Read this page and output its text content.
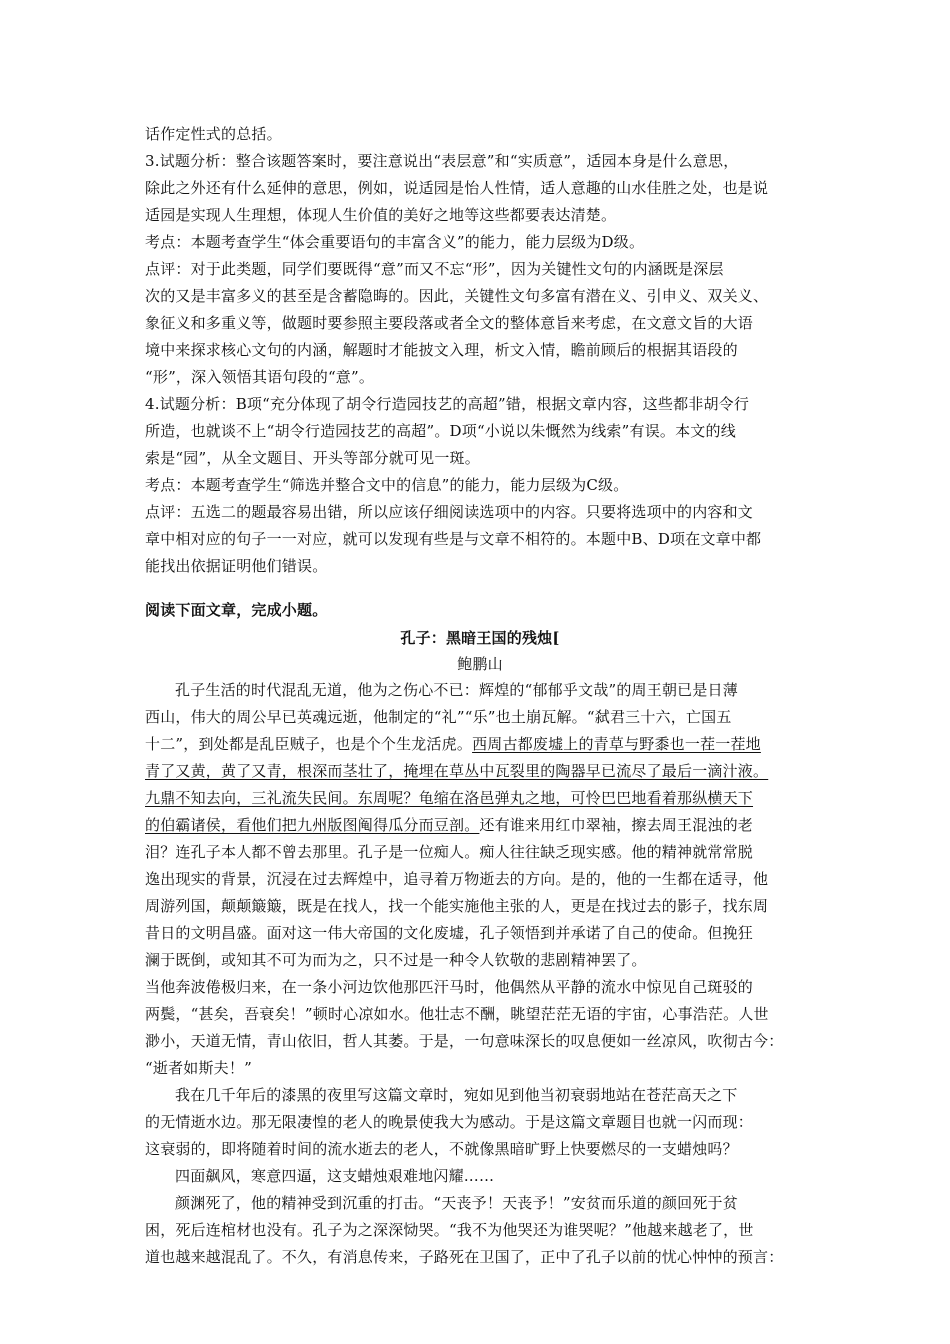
话作定性式的总括。
3.试题分析：整合该题答案时，要注意说出“表层意”和“实质意”，适园本身是什么意思，
除此之外还有什么延伸的意思，例如，说适园是怡人性情，适人意趣的山水佳胜之处，也是说
适园是实现人生理想，体现人生价值的美好之地等这些都要表达清楚。
考点：本题考查学生“体会重要语句的丰富含义”的能力，能力层级为D级。
点评：对于此类题，同学们要既得“意”而又不忘“形”，因为关键性文句的内涵既是深层
次的又是丰富多义的甚至是含蓄隐晦的。因此，关键性文句多富有潜在义、引申义、双关义、
象征义和多重义等，做题时要参照主要段落或者全文的整体意旨来考虑，在文意文旨的大语
境中来探求核心文句的内涵，解题时才能披文入理，析文入情，瞻前顾后的根据其语段的
“形”，深入领悟其语句段的“意”。
4.试题分析：B项“充分体现了胡令行造园技艺的高超”错，根据文章内容，这些都非胡令行
所造，也就谈不上“胡令行造园技艺的高超”。D项“小说以朱慨然为线索”有误。本文的线
索是“园”，从全文题目、开头等部分就可见一斑。
考点：本题考查学生“筛选并整合文中的信息”的能力，能力层级为C级。
点评：五选二的题最容易出错，所以应该仔细阅读选项中的内容。只要将选项中的内容和文
章中相对应的句子一一对应，就可以发现有些是与文章不相符的。本题中B、D项在文章中都
能找出依据证明他们错误。
阅读下面文章，完成小题。
孔子：黑暗王国的残烛[
鲍鹏山
孔子生活的时代混乱无道，他为之伤心不已：辉煌的“郁郁乎文哉”的周王朝已是日薄
西山，伟大的周公早已英魂远逝，他制定的“礼”“乐”也土崩瓦解。“弑君三十六，亡国五
十二”，到处都是乱臣贼子，也是个个生龙活虎。西周古都废墟上的青草与野黍也一茬一茬地
青了又黄，黄了又青，根深而茎壮了，掩埋在草丛中瓦裂里的陶器早已流尽了最后一滴汁液。
九鼎不知去向，三礼流失民间。东周呢？龟缩在洛邑弹丸之地，可怜巴巴地看着那纵横天下
的伯霸诸侯，看他们把九州版图阄得瓜分而豆剖。还有谁来用红巾翠袖，擦去周王混浊的老
泪？连孔子本人都不曾去那里。孔子是一位痴人。痴人往往缺乏现实感。他的精神就常常脱
逸出现实的背景，沉浸在过去辉煌中，追寻着万物逝去的方向。是的，他的一生都在适寻，他
周游列国，颠颠簸簸，既是在找人，找一个能实施他主张的人，更是在找过去的影子，找东周
昔日的文明昌盛。面对这一伟大帝国的文化废墟，孔子领悟到并承诺了自己的使命。但挽狂
澜于既倒，或知其不可为而为之，只不过是一种令人钦敬的悲剧精神罢了。
当他奔波倦极归来，在一条小河边饮他那匹汗马时，他偶然从平静的流水中惊见自己斑驳的
两鬓，“甚矣，吾衰矣！”顿时心凉如水。他壮志不酬，眺望茫茫无语的宇宙，心事浩茫。人世
渺小，天道无情，青山依旧，哲人其萎。于是，一句意味深长的叹息便如一丝凉风，吹彻古今：
“逝者如斯夫！”
我在几千年后的漆黑的夜里写这篇文章时，宛如见到他当初衰弱地站在苍茫高天之下
的无情逝水边。那无限凄惶的老人的晚景使我大为感动。于是这篇文章题目也就一闪而现：
这衰弱的，即将随着时间的流水逝去的老人，不就像黑暗旷野上快要燃尽的一支蜡烛吗？
四面飙风，寒意四逼，这支蜡烛艰难地闪耀……
颜渊死了，他的精神受到沉重的打击。“天丧予！天丧予！”安贫而乐道的颜回死于贫
困，死后连棺材也没有。孔子为之深深恸哭。“我不为他哭还为谁哭呢？”他越来越老了，世
道也越来越混乱了。不久，有消息传来，子路死在卫国了，正中了孔子以前的忧心忡忡的预言：
